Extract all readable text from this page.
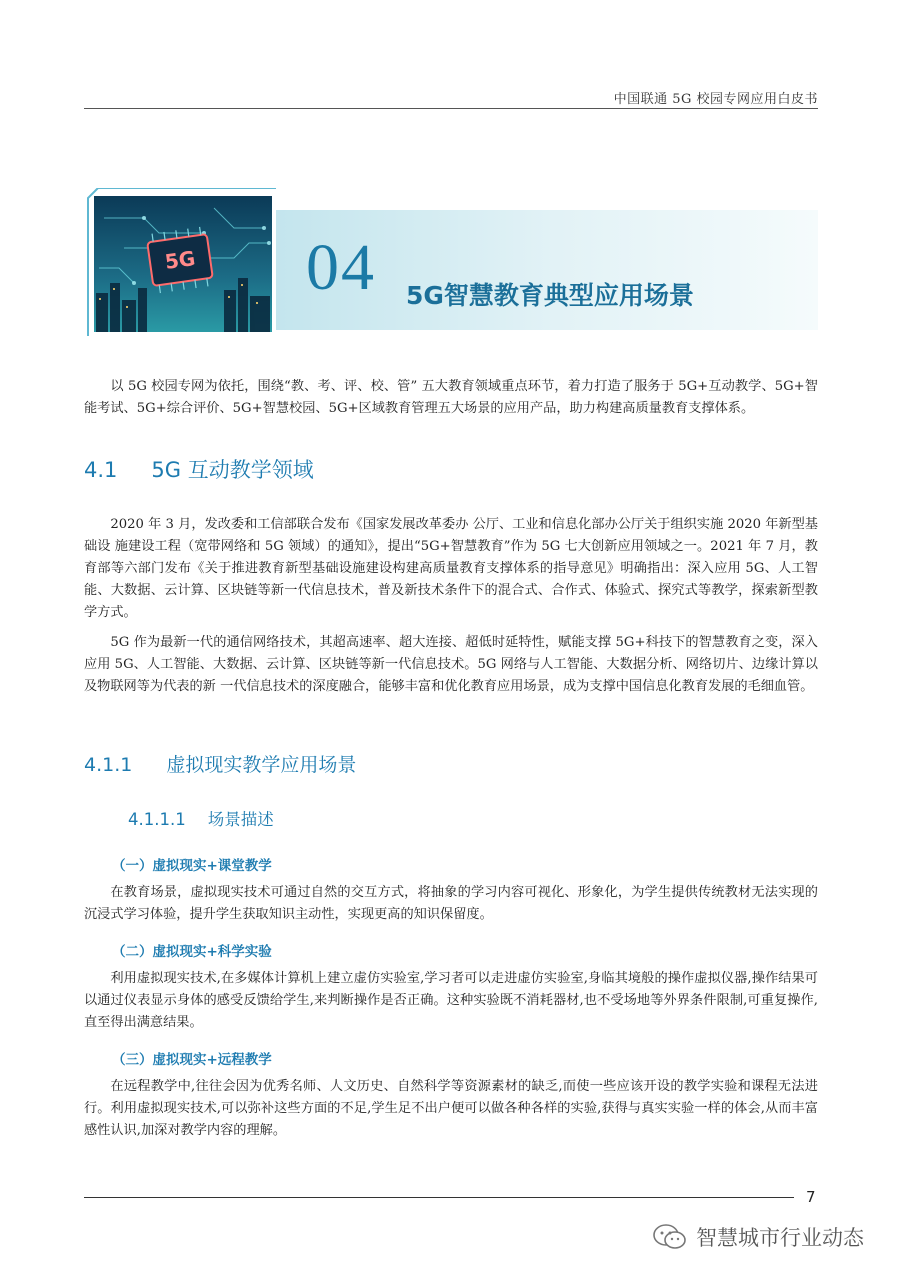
中国联通 5G 校园专网应用白皮书
5G 04 5G智慧教育典型应用场景

以 5G 校园专网为依托，围绕“教、考、评、校、管” 五大教育领域重点环节，着力打造了服务于 5G+互动教学、5G+智能考试、5G+综合评价、5G+智慧校园、5G+区域教育管理五大场景的应用产品，助力构建高质量教育支撑体系。

4.1 5G 互动教学领域

2020 年 3 月，发改委和工信部联合发布《国家发展改革委办 公厅、工业和信息化部办公厅关于组织实施 2020 年新型基础设 施建设工程（宽带网络和 5G 领域）的通知》，提出“5G+智慧教育”作为 5G 七大创新应用领域之一。2021 年 7 月，教育部等六部门发布《关于推进教育新型基础设施建设构建高质量教育支撑体系的指导意见》明确指出：深入应用 5G、人工智能、大数据、云计算、区块链等新一代信息技术，普及新技术条件下的混合式、合作式、体验式、探究式等教学，探索新型教学方式。

5G 作为最新一代的通信网络技术，其超高速率、超大连接、超低时延特性，赋能支撑 5G+科技下的智慧教育之变，深入应用 5G、人工智能、大数据、云计算、区块链等新一代信息技术。5G 网络与人工智能、大数据分析、网络切片、边缘计算以及物联网等为代表的新 一代信息技术的深度融合，能够丰富和优化教育应用场景，成为支撑中国信息化教育发展的毛细血管。

4.1.1 虚拟现实教学应用场景
4.1.1.1 场景描述
（一）虚拟现实+课堂教学

在教育场景，虚拟现实技术可通过自然的交互方式，将抽象的学习内容可视化、形象化，为学生提供传统教材无法实现的沉浸式学习体验，提升学生获取知识主动性，实现更高的知识保留度。

（二）虚拟现实+科学实验

利用虚拟现实技术,在多媒体计算机上建立虚仿实验室,学习者可以走进虚仿实验室,身临其境般的操作虚拟仪器,操作结果可以通过仪表显示身体的感受反馈给学生,来判断操作是否正确。这种实验既不消耗器材,也不受场地等外界条件限制,可重复操作,直至得出满意结果。

（三）虚拟现实+远程教学

在远程教学中,往往会因为优秀名师、人文历史、自然科学等资源素材的缺乏,而使一些应该开设的教学实验和课程无法进行。利用虚拟现实技术,可以弥补这些方面的不足,学生足不出户便可以做各种各样的实验,获得与真实实验一样的体会,从而丰富感性认识,加深对教学内容的理解。

7
智慧城市行业动态
